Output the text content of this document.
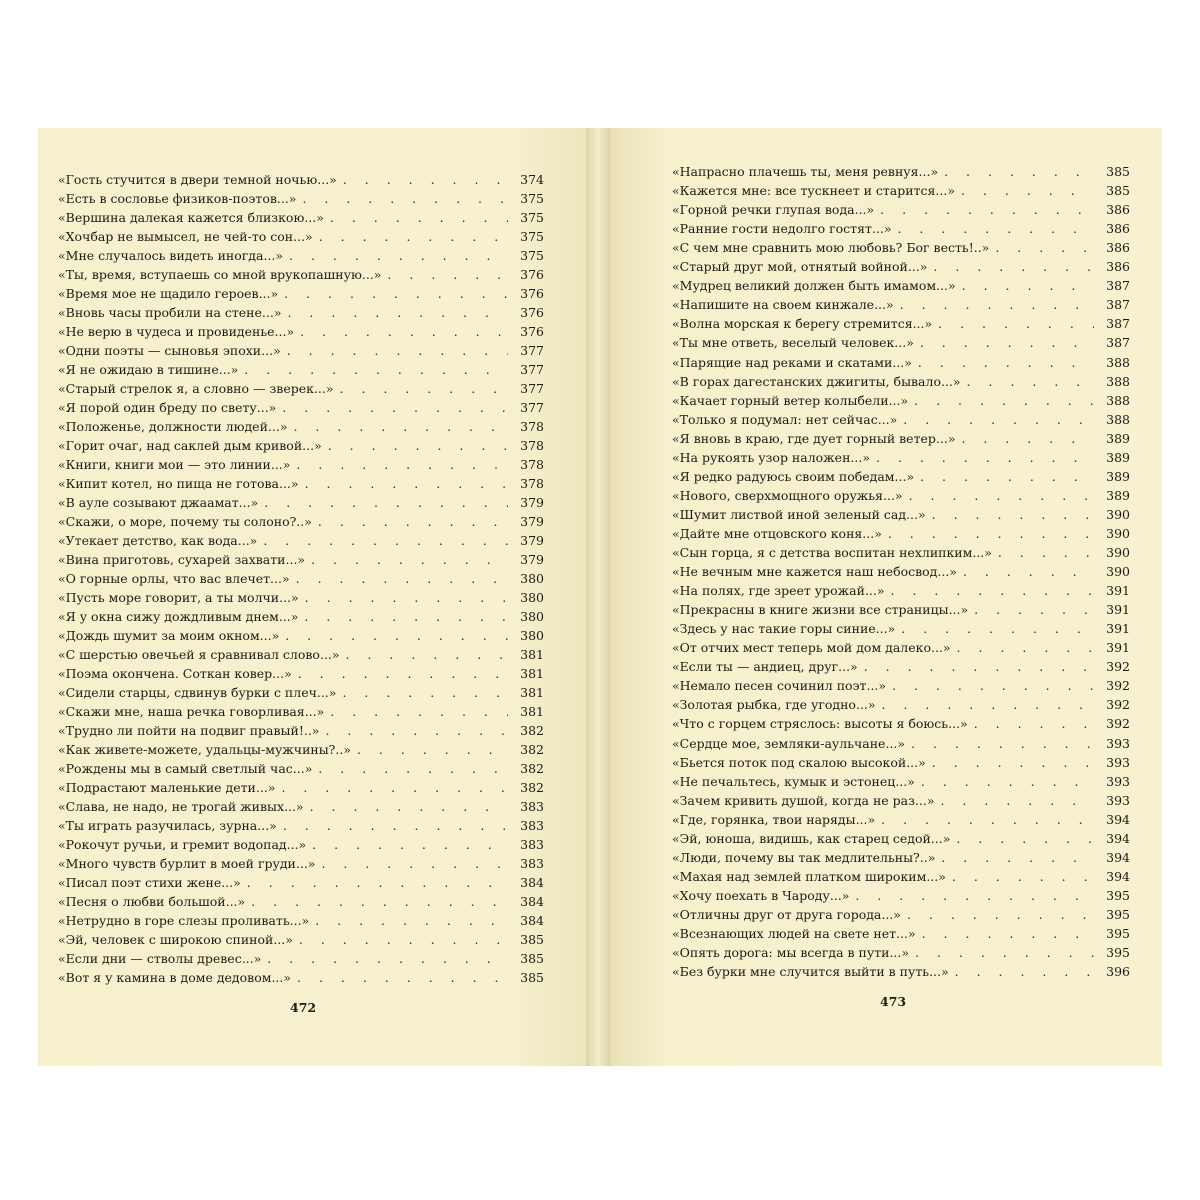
«Гость стучится в двери темной ночью...» . . .	374
«Есть в сословье физиков-поэтов...» . . .	375
«Вершина далекая кажется близкою...» . . .	375
«Хочбар не вымысел, не чей-то сон...» . . .	375
«Мне случалось видеть иногда...» . . .	375
«Ты, время, вступаешь со мной врукопашную...» . . .	376
«Время мое не щадило героев...» . . .	376
«Вновь часы пробили на стене...» . . .	376
«Не верю в чудеса и провиденье...» . . .	376
«Одни поэты — сыновья эпохи...» . . .	377
«Я не ожидаю в тишине...» . . .	377
«Старый стрелок я, а словно — зверек...» . . .	377
«Я порой один бреду по свету...» . . .	377
«Положенье, должности людей...» . . .	378
«Горит очаг, над саклей дым кривой...» . . .	378
«Книги, книги мои — это линии...» . . .	378
«Кипит котел, но пища не готова...» . . .	378
«В ауле созывают джаамат...» . . .	379
«Скажи, о море, почему ты солоно?..» . . .	379
«Утекает детство, как вода...» . . .	379
«Вина приготовь, сухарей захвати...» . . .	379
«О горные орлы, что вас влечет...» . . .	380
«Пусть море говорит, а ты молчи...» . . .	380
«Я у окна сижу дождливым днем...» . . .	380
«Дождь шумит за моим окном...» . . .	380
«С шерстью овечьей я сравнивал слово...» . . .	381
«Поэма окончена. Соткан ковер...» . . .	381
«Сидели старцы, сдвинув бурки с плеч...» . . .	381
«Скажи мне, наша речка говорливая...» . . .	381
«Трудно ли пойти на подвиг правый!..» . . .	382
«Как живете-можете, удальцы-мужчины?..» . . .	382
«Рождены мы в самый светлый час...» . . .	382
«Подрастают маленькие дети...» . . .	382
«Слава, не надо, не трогай живых...» . . .	383
«Ты играть разучилась, зурна...» . . .	383
«Рокочут ручьи, и гремит водопад...» . . .	383
«Много чувств бурлит в моей груди...» . . .	383
«Писал поэт стихи жене...» . . .	384
«Песня о любви большой...» . . .	384
«Нетрудно в горе слезы проливать...» . . .	384
«Эй, человек с широкою спиной...» . . .	385
«Если дни — стволы древес...» . . .	385
«Вот я у камина в доме дедовом...» . . .	385
472
«Напрасно плачешь ты, меня ревнуя...» . . .	385
«Кажется мне: все тускнеет и старится...» . . .	385
«Горной речки глупая вода...» . . .	386
«Ранние гости недолго гостят...» . . .	386
«С чем мне сравнить мою любовь? Бог весть!..» . . .	386
«Старый друг мой, отнятый войной...» . . .	386
«Мудрец великий должен быть имамом...» . . .	387
«Напишите на своем кинжале...» . . .	387
«Волна морская к берегу стремится...» . . .	387
«Ты мне ответь, веселый человек...» . . .	387
«Парящие над реками и скатами...» . . .	388
«В горах дагестанских джигиты, бывало...» . . .	388
«Качает горный ветер колыбели...» . . .	388
«Только я подумал: нет сейчас...» . . .	388
«Я вновь в краю, где дует горный ветер...» . . .	389
«На рукоять узор наложен...» . . .	389
«Я редко радуюсь своим победам...» . . .	389
«Нового, сверхмощного оружья...» . . .	389
«Шумит листвой иной зеленый сад...» . . .	390
«Дайте мне отцовского коня...» . . .	390
«Сын горца, я с детства воспитан нехлипким...» . . .	390
«Не вечным мне кажется наш небосвод...» . . .	390
«На полях, где зреет урожай...» . . .	391
«Прекрасны в книге жизни все страницы...» . . .	391
«Здесь у нас такие горы синие...» . . .	391
«От отчих мест теперь мой дом далеко...» . . .	391
«Если ты — андиец, друг...» . . .	392
«Немало песен сочинил поэт...» . . .	392
«Золотая рыбка, где угодно...» . . .	392
«Что с горцем стряслось: высоты я боюсь...» . . .	392
«Сердце мое, земляки-аульчане...» . . .	393
«Бьется поток под скалою высокой...» . . .	393
«Не печальтесь, кумык и эстонец...» . . .	393
«Зачем кривить душой, когда не раз...» . . .	393
«Где, горянка, твои наряды...» . . .	394
«Эй, юноша, видишь, как старец седой...» . . .	394
«Люди, почему вы так медлительны?..» . . .	394
«Махая над землей платком широким...» . . .	394
«Хочу поехать в Чароду...» . . .	395
«Отличны друг от друга города...» . . .	395
«Всезнающих людей на свете нет...» . . .	395
«Опять дорога: мы всегда в пути...» . . .	395
«Без бурки мне случится выйти в путь...» . . .	396
473
